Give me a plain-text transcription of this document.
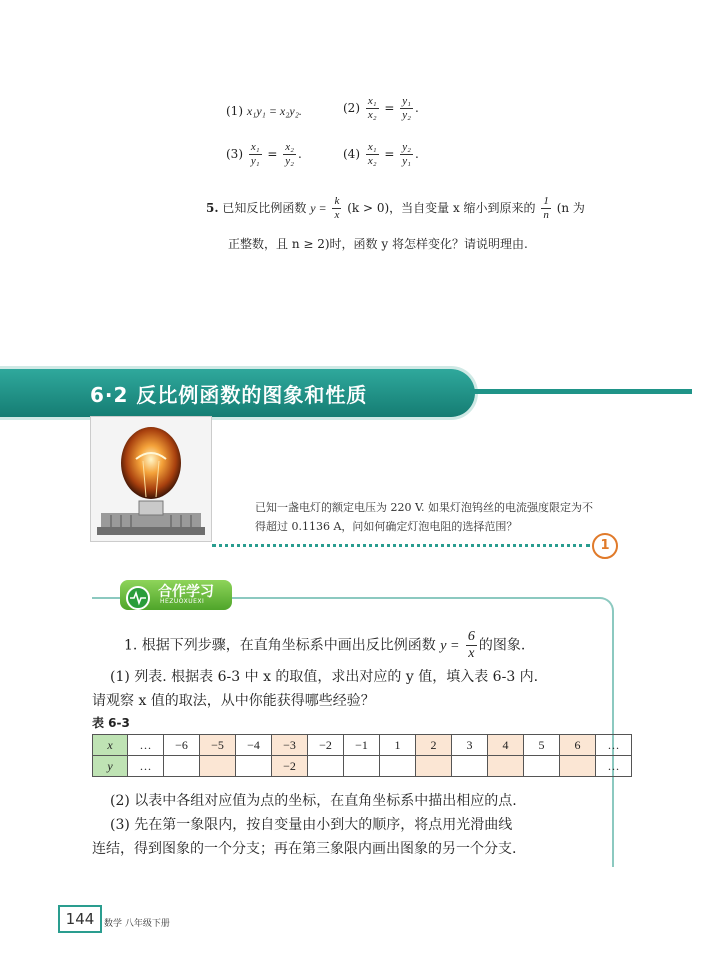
(1) x₁y₁ = x₂y₂.	$(2) \frac{\text{x₁}}{\text{x₂}} = \frac{\text{y₁}}{\text{y₂}}$ .
$(3) \frac{\text{x₁}}{\text{y₁}} = \frac{\text{x₂}}{\text{y₂}}$ .	$(4) \frac{\text{x₁}}{\text{x₂}} = \frac{\text{y₂}}{\text{y₁}}$ .
5. 已知反比例函数 $y = \frac{k}{x} (k > 0)$，当自变量 x 缩小到原来的 $\frac{1}{n} (n$ 为
正整数，且 n ≥ 2)时，函数 y 将怎样变化？请说明理由.
6·2 反比例函数的图象和性质
已知一盏电灯的额定电压为 220 V. 如果灯泡钨丝的电流强度限定为不得超过 0.1136 A，问如何确定灯泡电阻的选择范围？
1
合作学习
HEZUOXUEXI
1. 根据下列步骤，在直角坐标系中画出反比例函数 $y = \frac{6}{x}$ 的图象.
(1) 列表. 根据表 6-3 中 x 的取值，求出对应的 y 值，填入表 6-3 内.
请观察 x 值的取法，从中你能获得哪些经验？
表 6-3
x	…	−6	−5	−4	−3	−2	−1	1	2	3	4	5	6	…
y	…				−2									…
(2) 以表中各组对应值为点的坐标，在直角坐标系中描出相应的点.
(3) 先在第一象限内，按自变量由小到大的顺序，将点用光滑曲线
连结，得到图象的一个分支；再在第三象限内画出图象的另一个分支.
144	数学 八年级下册
